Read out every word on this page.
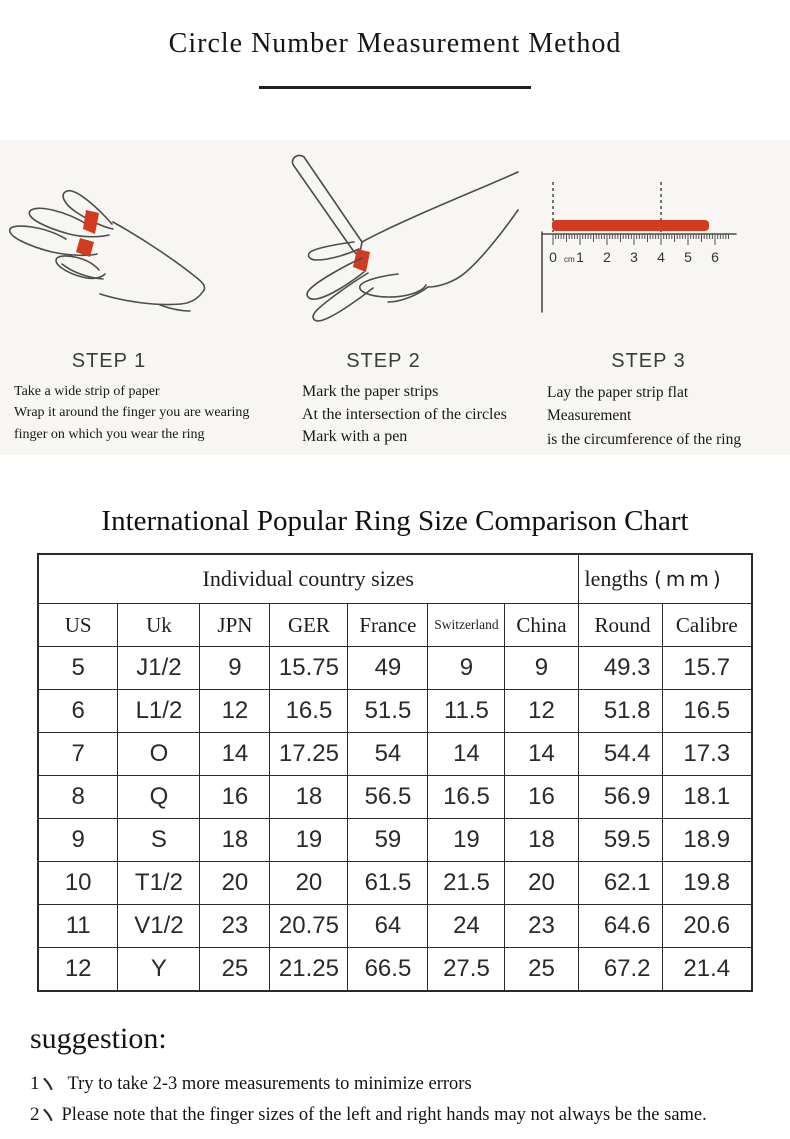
Circle Number Measurement Method
STEP 1
Take a wide strip of paper
Wrap it around the finger you are wearing
finger on which you wear the ring
STEP 2
Mark the paper strips
At the intersection of the circles
Mark with a pen
0 cm 1 2 3 4 5 6
STEP 3
Lay the paper strip flat
Measurement
is the circumference of the ring
International Popular Ring Size Comparison Chart
Individual country sizes							lengths (mm)	
US	Uk	JPN	GER	France	Switzerland	China	Round	Calibre
5	J1/2	9	15.75	49	9	9	49.3	15.7
6	L1/2	12	16.5	51.5	11.5	12	51.8	16.5
7	O	14	17.25	54	14	14	54.4	17.3
8	Q	16	18	56.5	16.5	16	56.9	18.1
9	S	18	19	59	19	18	59.5	18.9
10	T1/2	20	20	61.5	21.5	20	62.1	19.8
11	V1/2	23	20.75	64	24	23	64.6	20.6
12	Y	25	21.25	66.5	27.5	25	67.2	21.4
suggestion:
1 Try to take 2-3 more measurements to minimize errors
2 Please note that the finger sizes of the left and right hands may not always be the same.
